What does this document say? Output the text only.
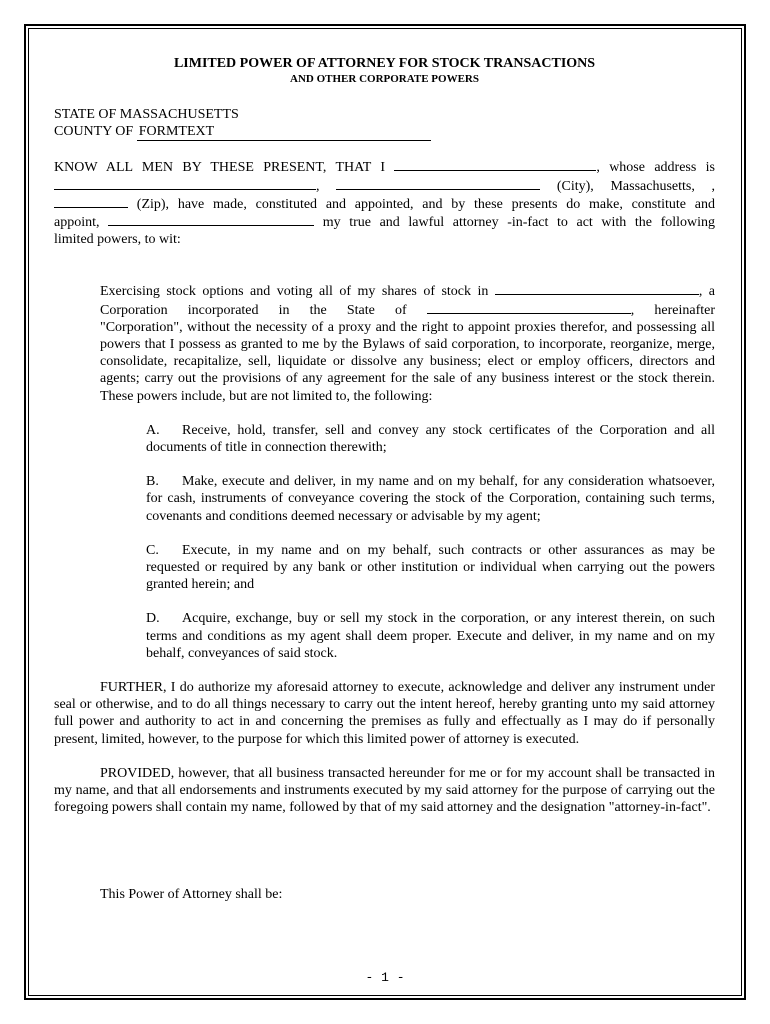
LIMITED POWER OF ATTORNEY FOR STOCK TRANSACTIONS
AND OTHER CORPORATE POWERS
STATE OF MASSACHUSETTS
COUNTY OF FORMTEXT

KNOW ALL MEN BY THESE PRESENT, THAT I	, whose address is

,	(City), Massachusetts, ,

(Zip), have made, constituted and appointed, and by these presents do make, constitute and

appoint,	my true and lawful attorney -in-fact to act with the following

limited powers, to wit:

Exercising stock options and voting all of my shares of stock in	, a

Corporation incorporated in the State of	, hereinafter

"Corporation", without the necessity of a proxy and the right to appoint proxies therefor, and possessing all powers that I possess as granted to me by the Bylaws of said corporation, to incorporate, reorganize, merge, consolidate, recapitalize, sell, liquidate or dissolve any business; elect or employ officers, directors and agents; carry out the provisions of any agreement for the sale of any business interest or the stock therein. These powers include, but are not limited to, the following:

A. Receive, hold, transfer, sell and convey any stock certificates of the Corporation and all documents of title in connection therewith;

B. Make, execute and deliver, in my name and on my behalf, for any consideration whatsoever, for cash, instruments of conveyance covering the stock of the Corporation, containing such terms, covenants and conditions deemed necessary or advisable by my agent;

C. Execute, in my name and on my behalf, such contracts or other assurances as may be requested or required by any bank or other institution or individual when carrying out the powers granted herein; and

D. Acquire, exchange, buy or sell my stock in the corporation, or any interest therein, on such terms and conditions as my agent shall deem proper. Execute and deliver, in my name and on my behalf, conveyances of said stock.

FURTHER, I do authorize my aforesaid attorney to execute, acknowledge and deliver any instrument under seal or otherwise, and to do all things necessary to carry out the intent hereof, hereby granting unto my said attorney full power and authority to act in and concerning the premises as fully and effectually as I may do if personally present, limited, however, to the purpose for which this limited power of attorney is executed.

PROVIDED, however, that all business transacted hereunder for me or for my account shall be transacted in my name, and that all endorsements and instruments executed by my said attorney for the purpose of carrying out the foregoing powers shall contain my name, followed by that of my said attorney and the designation "attorney-in-fact".

This Power of Attorney shall be:

- 1 -
